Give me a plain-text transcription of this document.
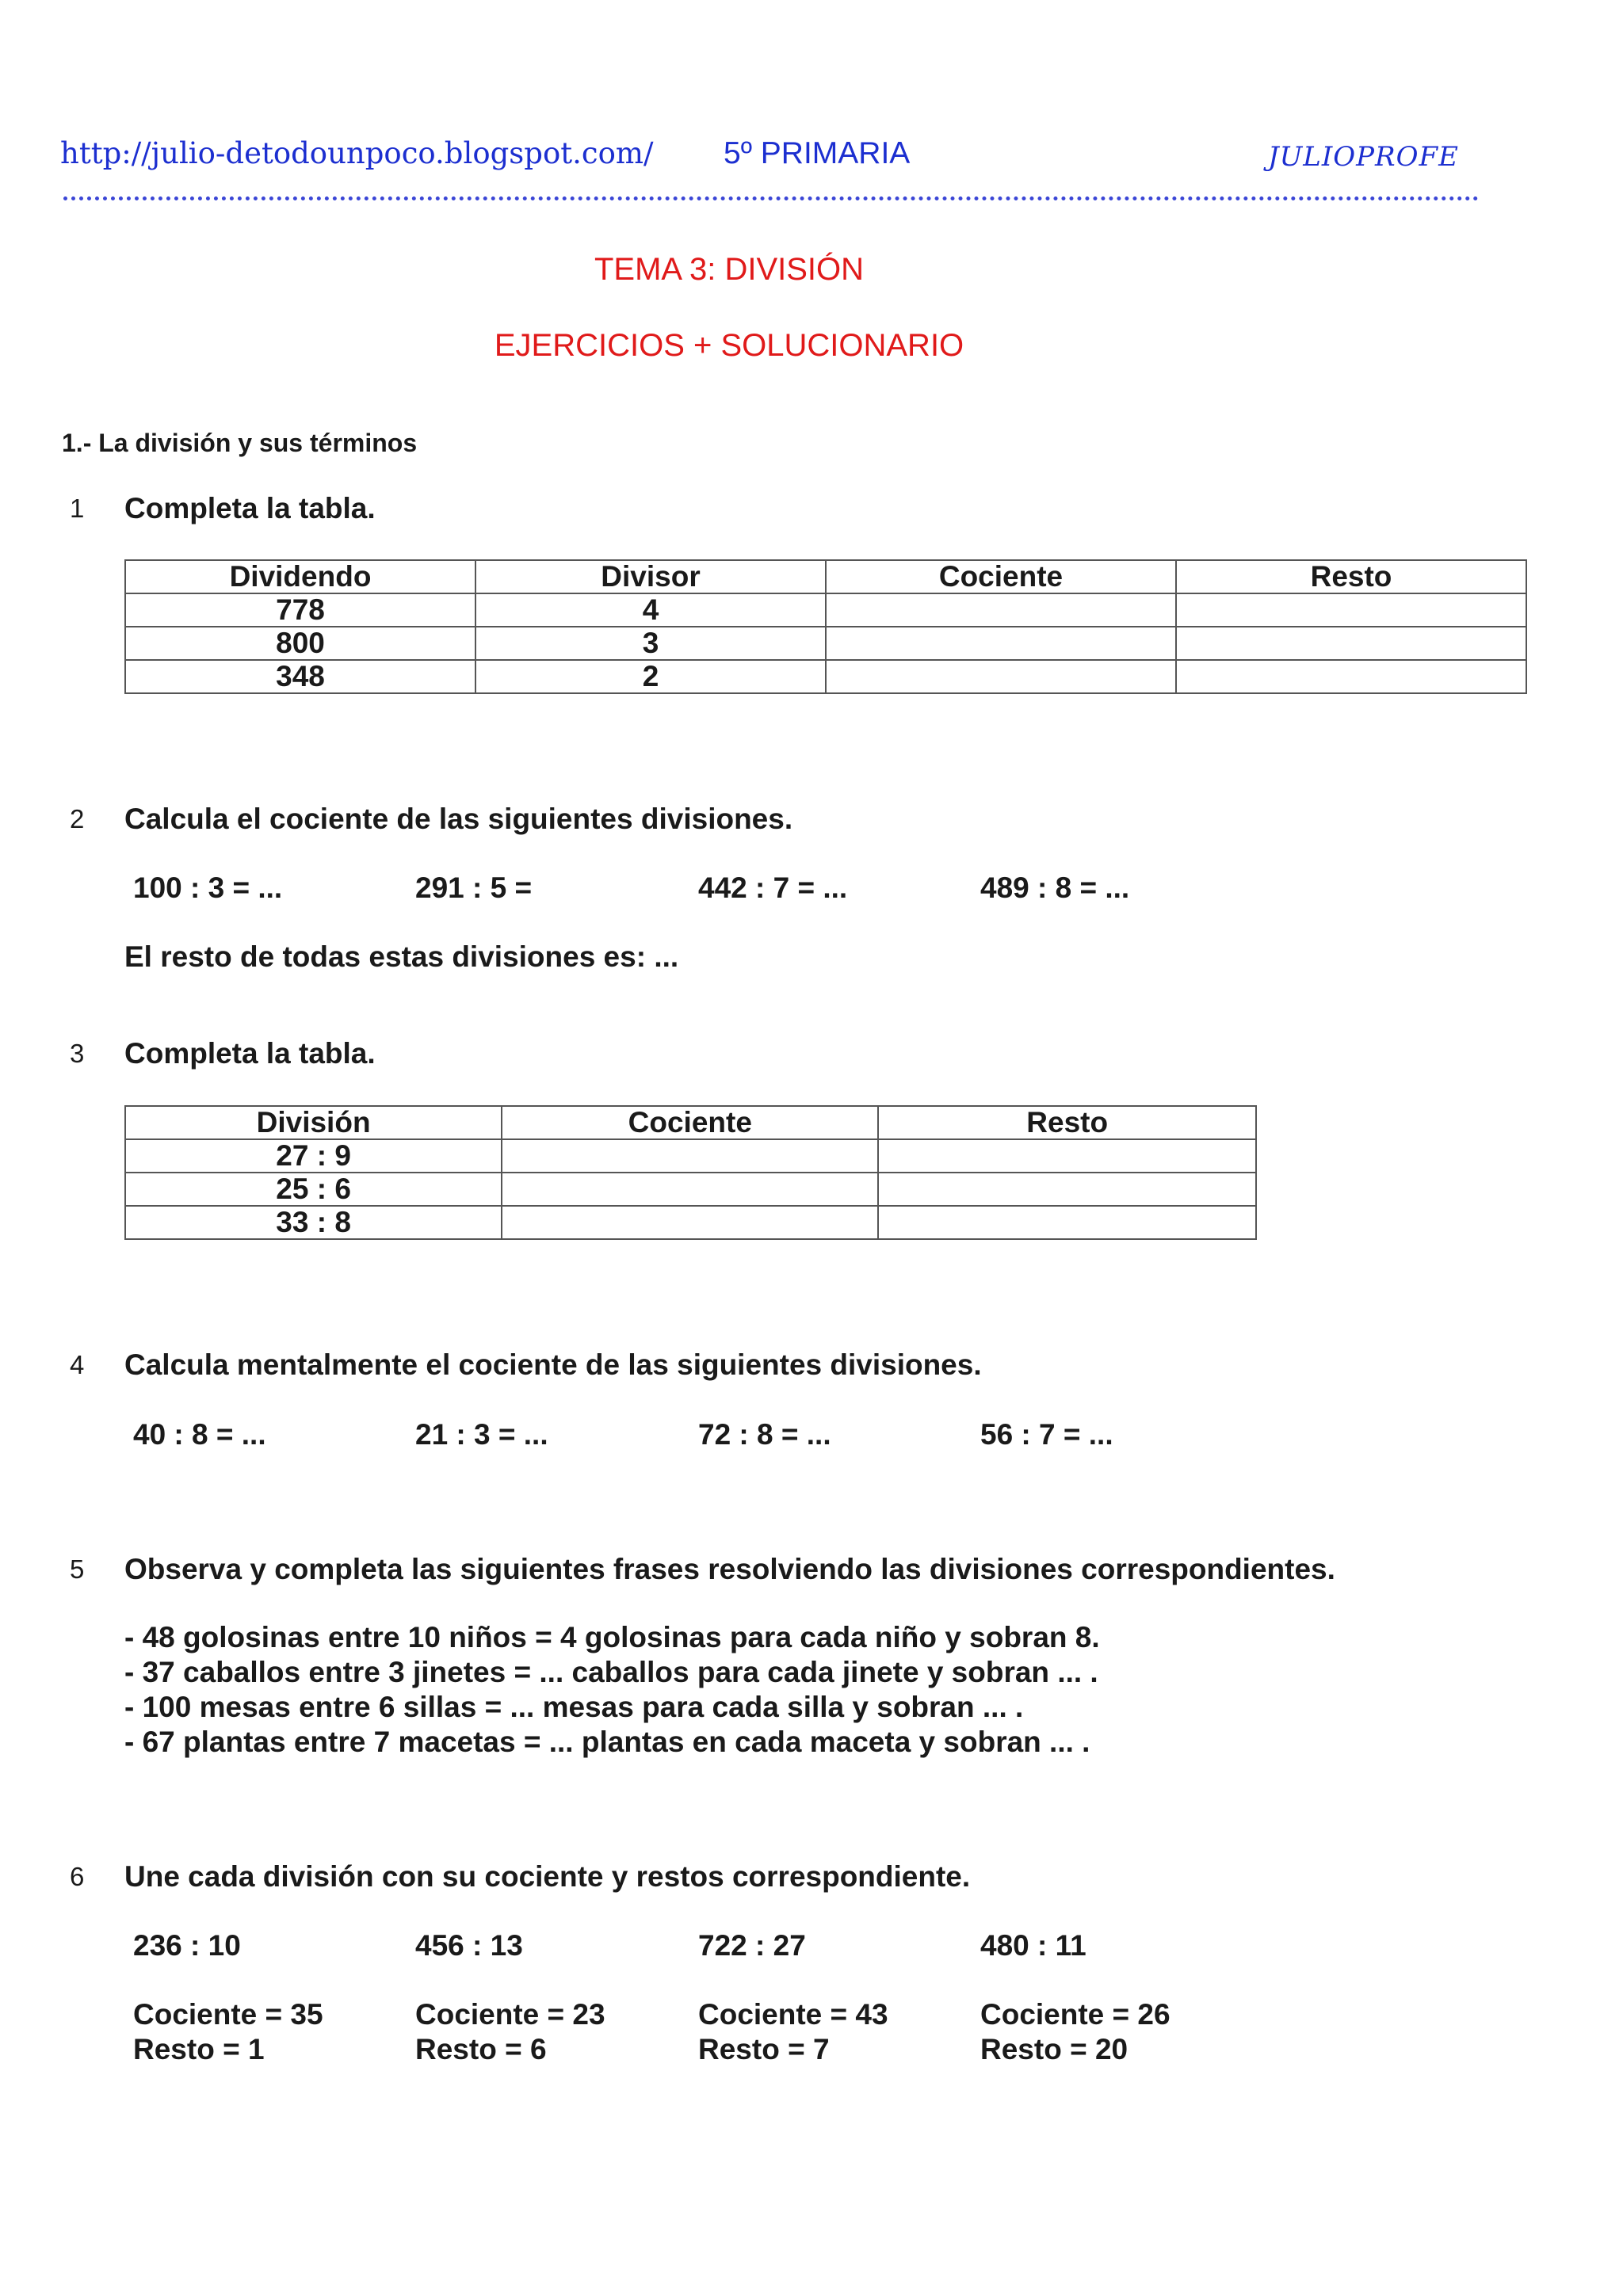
http://julio-detodounpoco.blogspot.com/ 5º PRIMARIA	JULIOPROFE
TEMA 3: DIVISIÓN
EJERCICIOS + SOLUCIONARIO
1.- La división y sus términos
1 Completa la tabla.
Dividendo	Divisor	Cociente	Resto
778	4		
800	3		
348	2		
2 Calcula el cociente de las siguientes divisiones.
100 : 3 = ...	291 : 5 =	442 : 7 = ...	489 : 8 = ...
El resto de todas estas divisiones es: ...
3 Completa la tabla.
División	Cociente	Resto
27 : 9		
25 : 6		
33 : 8		
4 Calcula mentalmente el cociente de las siguientes divisiones.
40 : 8 = ...	21 : 3 = ...	72 : 8 = ...	56 : 7 = ...
5 Observa y completa las siguientes frases resolviendo las divisiones correspondientes.
- 48 golosinas entre 10 niños = 4 golosinas para cada niño y sobran 8.
- 37 caballos entre 3 jinetes = ... caballos para cada jinete y sobran ... .
- 100 mesas entre 6 sillas = ... mesas para cada silla y sobran ... .
- 67 plantas entre 7 macetas = ... plantas en cada maceta y sobran ... .
6 Une cada división con su cociente y restos correspondiente.
236 : 10	456 : 13	722 : 27	480 : 11
Cociente = 35	Cociente = 23	Cociente = 43	Cociente = 26
Resto = 1	Resto = 6	Resto = 7	Resto = 20
